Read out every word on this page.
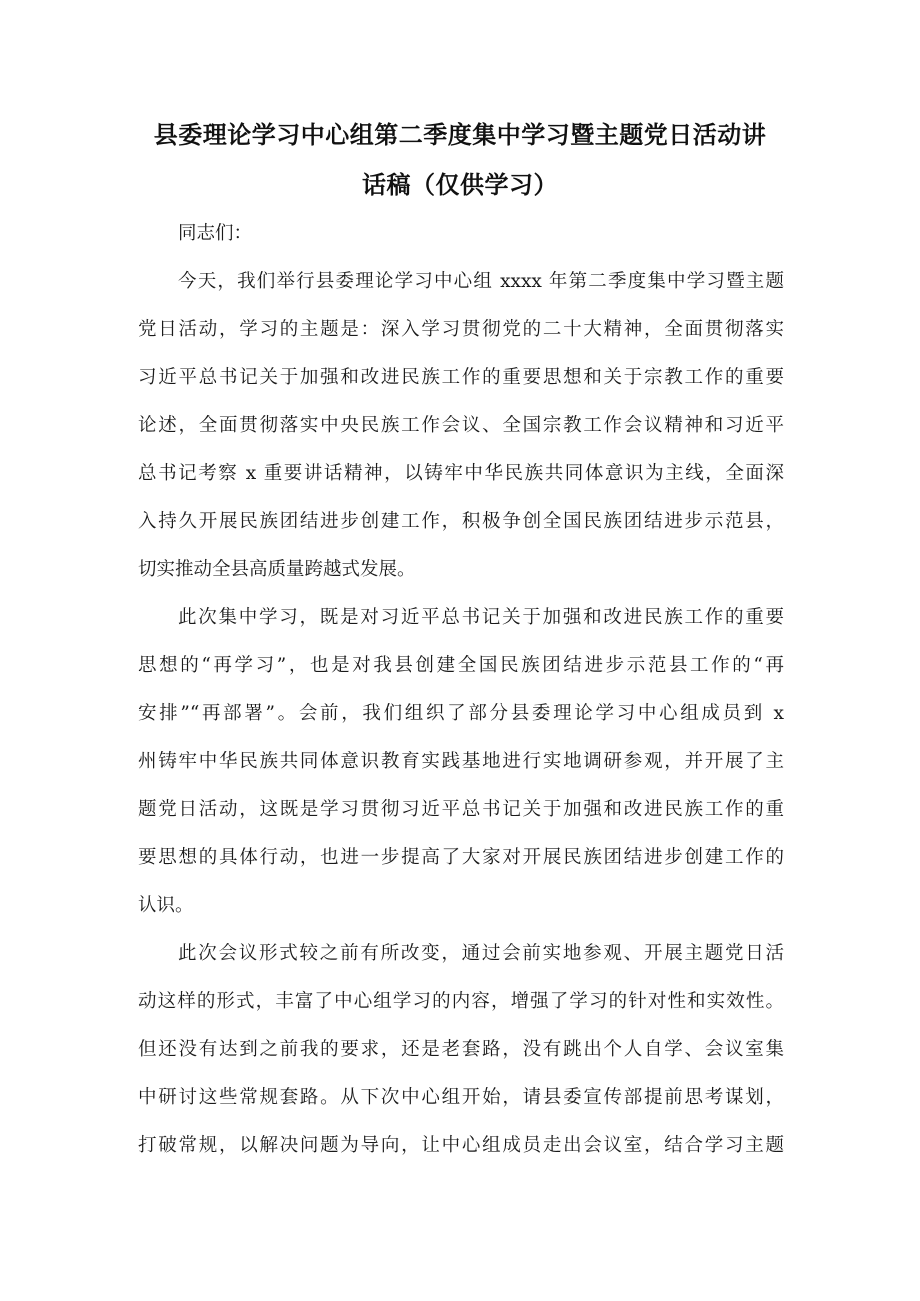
县委理论学习中心组第二季度集中学习暨主题党日活动讲
话稿（仅供学习）

同志们：

今天，我们举行县委理论学习中心组 xxxx 年第二季度集中学习暨主题

党日活动，学习的主题是：深入学习贯彻党的二十大精神，全面贯彻落实

习近平总书记关于加强和改进民族工作的重要思想和关于宗教工作的重要

论述，全面贯彻落实中央民族工作会议、全国宗教工作会议精神和习近平

总书记考察 x 重要讲话精神，以铸牢中华民族共同体意识为主线，全面深

入持久开展民族团结进步创建工作，积极争创全国民族团结进步示范县，

切实推动全县高质量跨越式发展。

此次集中学习，既是对习近平总书记关于加强和改进民族工作的重要

思想的“再学习”，也是对我县创建全国民族团结进步示范县工作的“再

安排”“再部署”。会前，我们组织了部分县委理论学习中心组成员到 x

州铸牢中华民族共同体意识教育实践基地进行实地调研参观，并开展了主

题党日活动，这既是学习贯彻习近平总书记关于加强和改进民族工作的重

要思想的具体行动，也进一步提高了大家对开展民族团结进步创建工作的

认识。

此次会议形式较之前有所改变，通过会前实地参观、开展主题党日活

动这样的形式，丰富了中心组学习的内容，增强了学习的针对性和实效性。

但还没有达到之前我的要求，还是老套路，没有跳出个人自学、会议室集

中研讨这些常规套路。从下次中心组开始，请县委宣传部提前思考谋划，

打破常规，以解决问题为导向，让中心组成员走出会议室，结合学习主题
